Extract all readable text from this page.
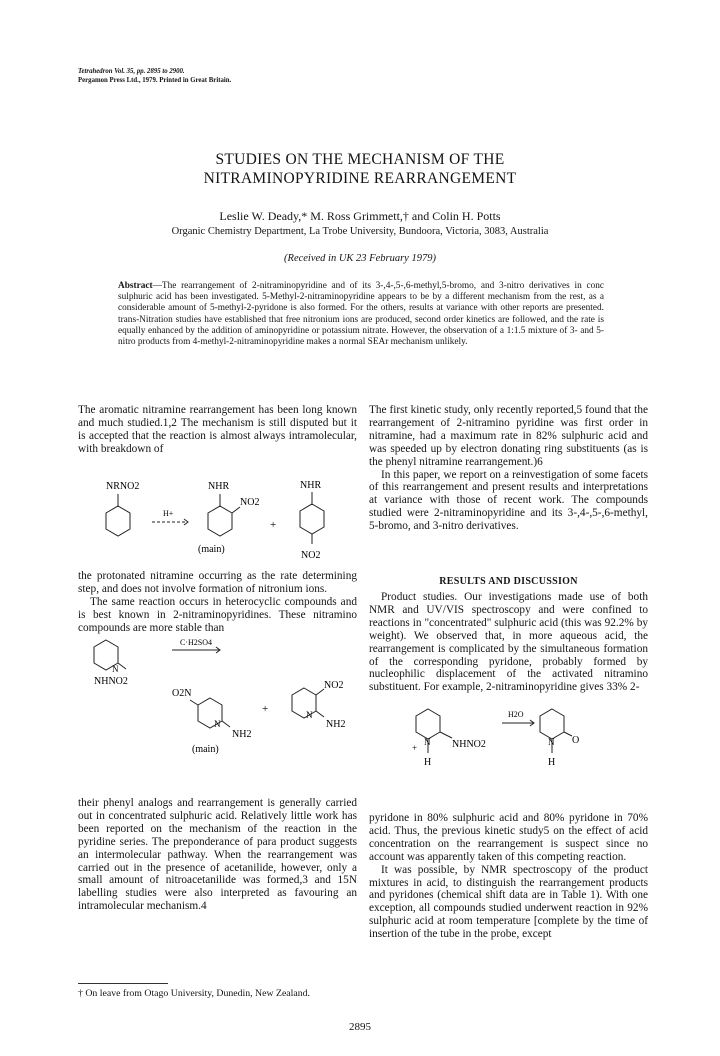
Tetrahedron Vol. 35, pp. 2895 to 2900.
Pergamon Press Ltd., 1979. Printed in Great Britain.
STUDIES ON THE MECHANISM OF THE
NITRAMINOPYRIDINE REARRANGEMENT
Leslie W. Deady,* M. Ross Grimmett,† and Colin H. Potts
Organic Chemistry Department, La Trobe University, Bundoora, Victoria, 3083, Australia
(Received in UK 23 February 1979)
Abstract—The rearrangement of 2-nitraminopyridine and of its 3-,4-,5-,6-methyl,5-bromo, and 3-nitro derivatives in conc sulphuric acid has been investigated. 5-Methyl-2-nitraminopyridine appears to be by a different mechanism from the rest, as a considerable amount of 5-methyl-2-pyridone is also formed. For the others, results at variance with other reports are presented. trans-Nitration studies have established that free nitronium ions are produced, second order kinetics are followed, and the rate is equally enhanced by the addition of aminopyridine or potassium nitrate. However, the observation of a 1:1.5 mixture of 3- and 5-nitro products from 4-methyl-2-nitraminopyridine makes a normal SEAr mechanism unlikely.

The aromatic nitramine rearrangement has been long known and much studied.1,2 The mechanism is still disputed but it is accepted that the reaction is almost always intramolecular, with breakdown of

NRNO2
H+
NHR
NO2
+
NHR
NO2
(main)

the protonated nitramine occurring as the rate determining step, and does not involve formation of nitronium ions.

The same reaction occurs in heterocyclic compounds and is best known in 2-nitraminopyridines. These nitramino compounds are more stable than

N
NHNO2
C·H2SO4
O2N
N
NH2
+
NO2
N
NH2
(main)

their phenyl analogs and rearrangement is generally carried out in concentrated sulphuric acid. Relatively little work has been reported on the mechanism of the reaction in the pyridine series. The preponderance of para product suggests an intermolecular pathway. When the rearrangement was carried out in the presence of acetanilide, however, only a small amount of nitroacetanilide was formed,3 and 15N labelling studies were also interpreted as favouring an intramolecular mechanism.4

† On leave from Otago University, Dunedin, New Zealand.

The first kinetic study, only recently reported,5 found that the rearrangement of 2-nitramino pyridine was first order in nitramine, had a maximum rate in 82% sulphuric acid and was speeded up by electron donating ring substituents (as is the phenyl nitramine rearrangement.)6

In this paper, we report on a reinvestigation of some facets of this rearrangement and present results and interpretations at variance with those of recent work. The compounds studied were 2-nitraminopyridine and its 3-,4-,5-,6-methyl, 5-bromo, and 3-nitro derivatives.

RESULTS AND DISCUSSION

Product studies. Our investigations made use of both NMR and UV/VIS spectroscopy and were confined to reactions in "concentrated" sulphuric acid (this was 92.2% by weight). We observed that, in more aqueous acid, the rearrangement is complicated by the simultaneous formation of the corresponding pyridone, probably formed by nucleophilic displacement of the activated nitramino substituent. For example, 2-nitraminopyridine gives 33% 2-

N
+
H
NHNO2
H2O
N O
H

pyridone in 80% sulphuric acid and 80% pyridone in 70% acid. Thus, the previous kinetic study5 on the effect of acid concentration on the rearrangement is suspect since no account was apparently taken of this competing reaction.

It was possible, by NMR spectroscopy of the product mixtures in acid, to distinguish the rearrangement products and pyridones (chemical shift data are in Table 1). With one exception, all compounds studied underwent reaction in 92% sulphuric acid at room temperature [complete by the time of insertion of the tube in the probe, except

2895
